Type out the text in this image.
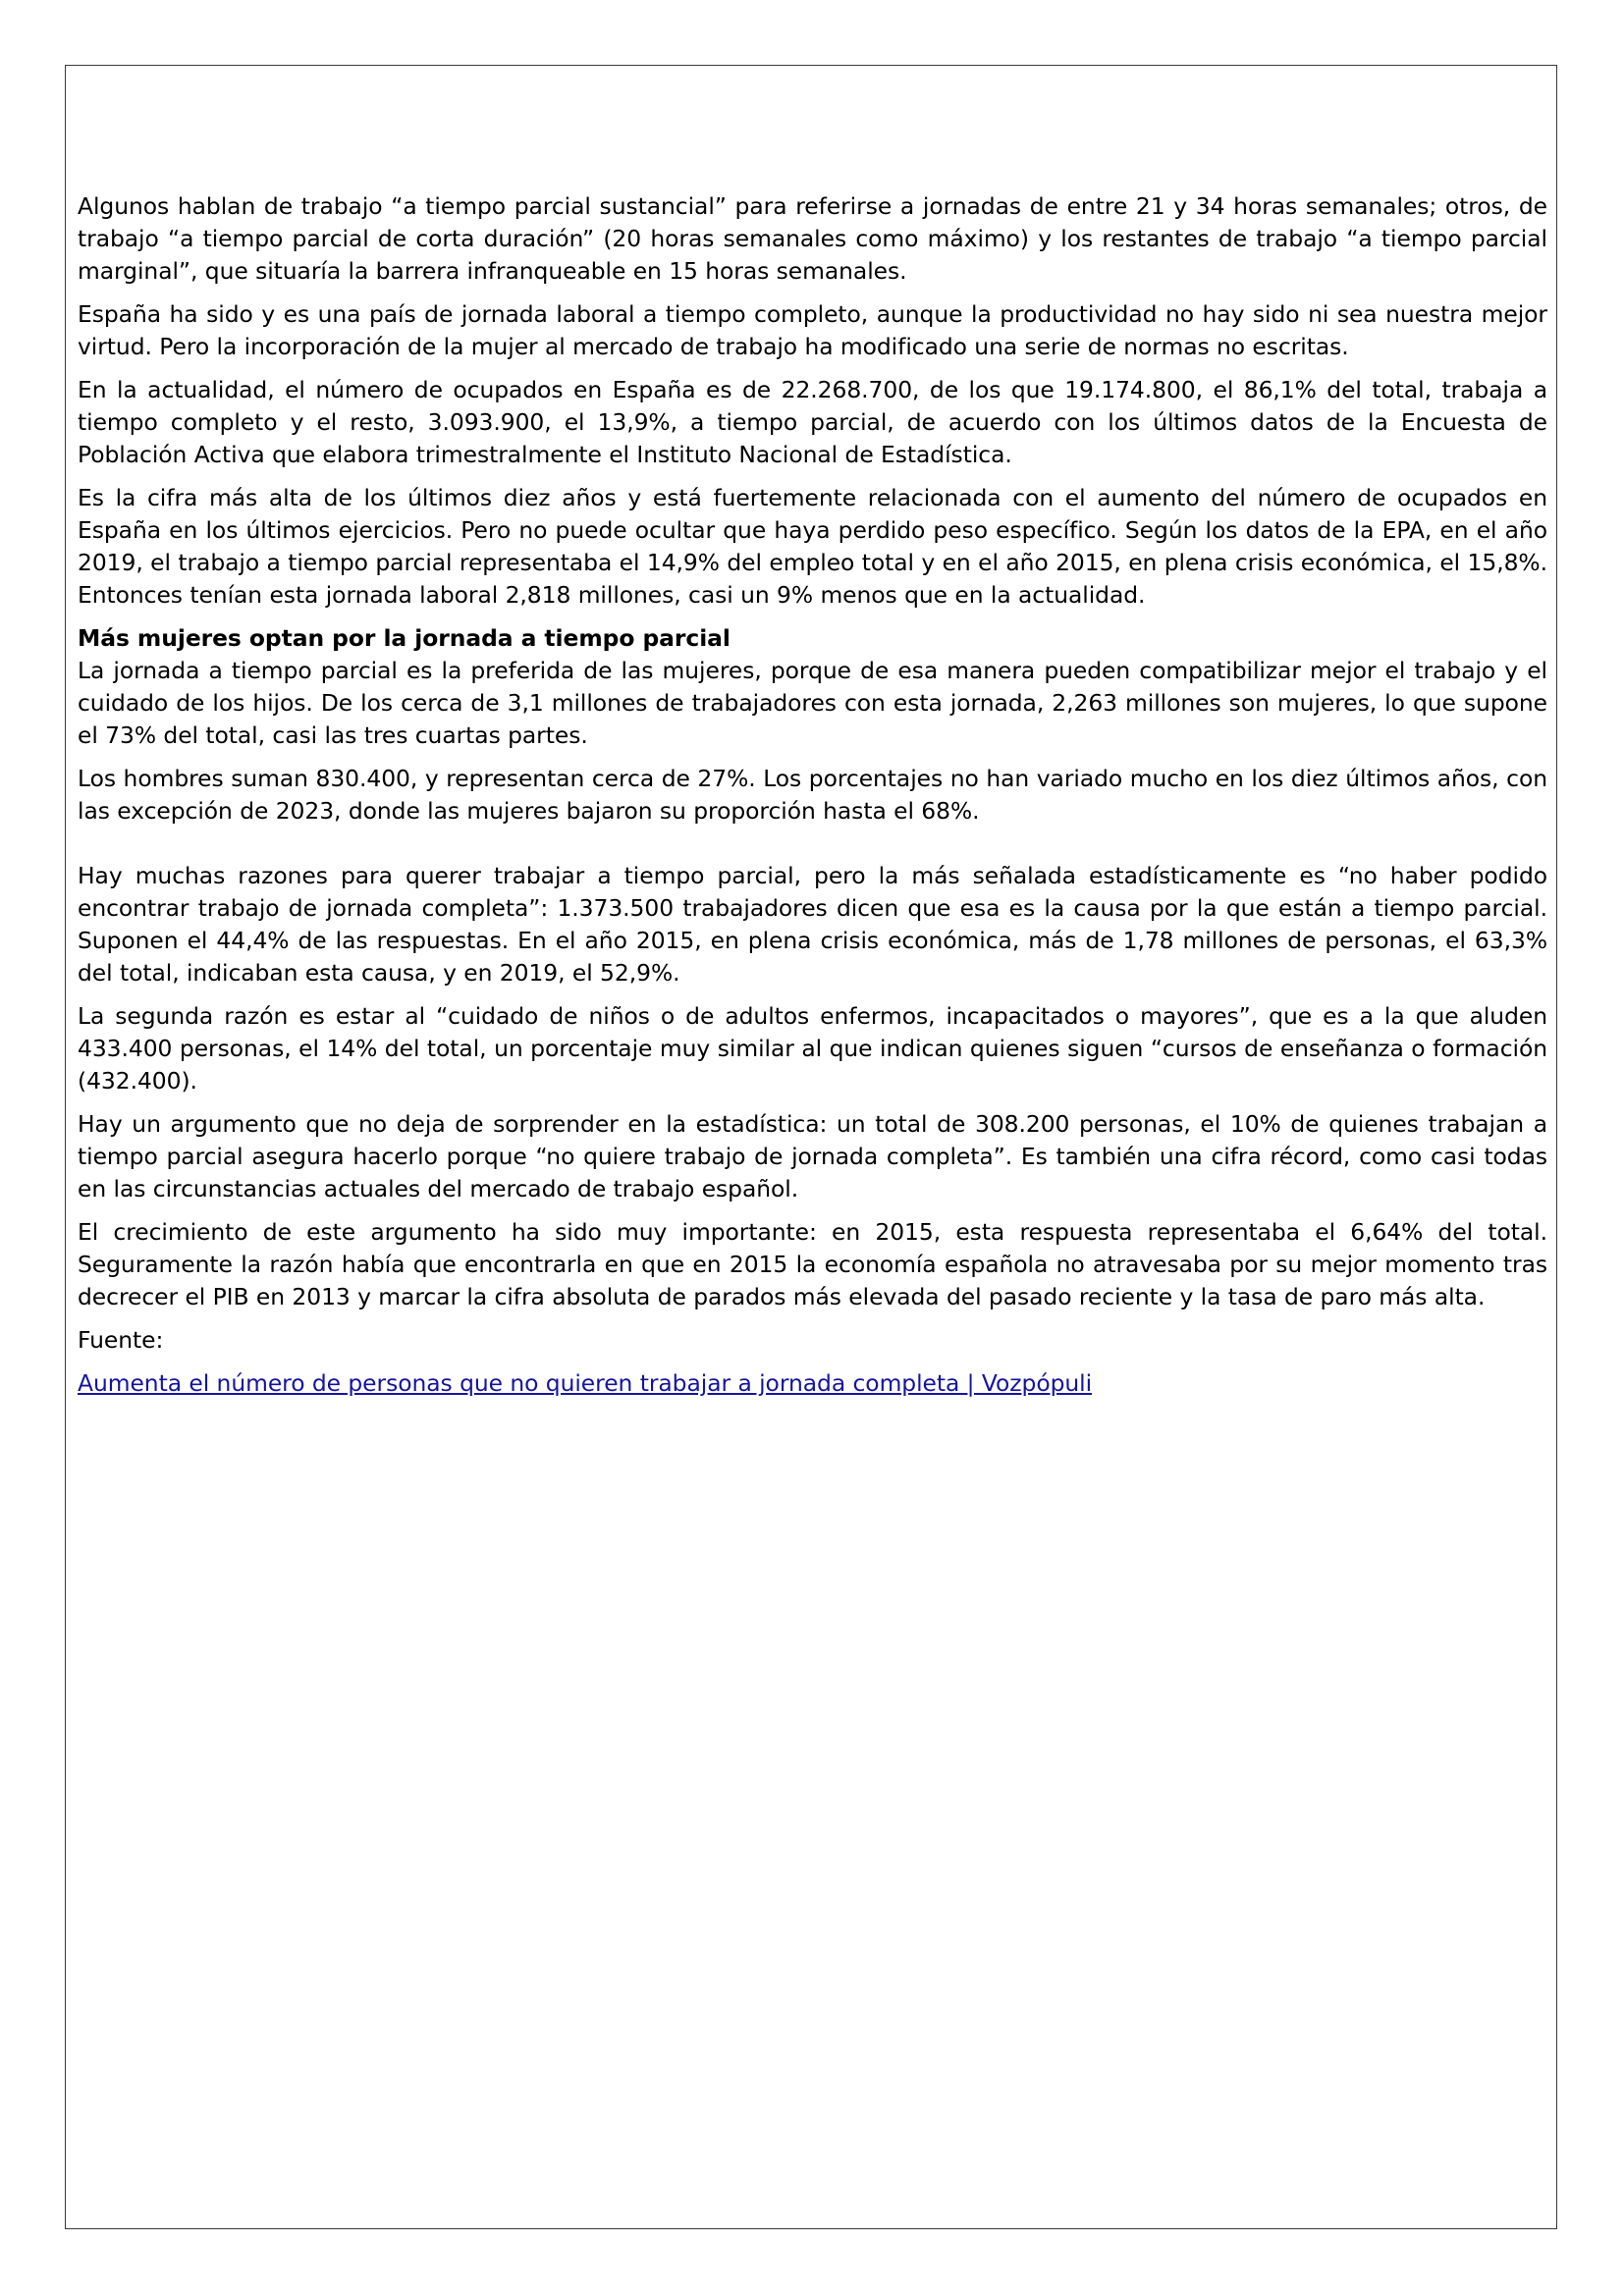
Algunos hablan de trabajo “a tiempo parcial sustancial” para referirse a jornadas de entre 21 y 34 horas semanales; otros, de trabajo “a tiempo parcial de corta duración” (20 horas semanales como máximo) y los restantes de trabajo “a tiempo parcial marginal”, que situaría la barrera infranqueable en 15 horas semanales.

España ha sido y es una país de jornada laboral a tiempo completo, aunque la productividad no hay sido ni sea nuestra mejor virtud. Pero la incorporación de la mujer al mercado de trabajo ha modificado una serie de normas no escritas.

En la actualidad, el número de ocupados en España es de 22.268.700, de los que 19.174.800, el 86,1% del total, trabaja a tiempo completo y el resto, 3.093.900, el 13,9%, a tiempo parcial, de acuerdo con los últimos datos de la Encuesta de Población Activa que elabora trimestralmente el Instituto Nacional de Estadística.

Es la cifra más alta de los últimos diez años y está fuertemente relacionada con el aumento del número de ocupados en España en los últimos ejercicios. Pero no puede ocultar que haya perdido peso específico. Según los datos de la EPA, en el año 2019, el trabajo a tiempo parcial representaba el 14,9% del empleo total y en el año 2015, en plena crisis económica, el 15,8%. Entonces tenían esta jornada laboral 2,818 millones, casi un 9% menos que en la actualidad.

Más mujeres optan por la jornada a tiempo parcial

La jornada a tiempo parcial es la preferida de las mujeres, porque de esa manera pueden compatibilizar mejor el trabajo y el cuidado de los hijos. De los cerca de 3,1 millones de trabajadores con esta jornada, 2,263 millones son mujeres, lo que supone el 73% del total, casi las tres cuartas partes.

Los hombres suman 830.400, y representan cerca de 27%. Los porcentajes no han variado mucho en los diez últimos años, con las excepción de 2023, donde las mujeres bajaron su proporción hasta el 68%.

Hay muchas razones para querer trabajar a tiempo parcial, pero la más señalada estadísticamente es “no haber podido encontrar trabajo de jornada completa”: 1.373.500 trabajadores dicen que esa es la causa por la que están a tiempo parcial. Suponen el 44,4% de las respuestas. En el año 2015, en plena crisis económica, más de 1,78 millones de personas, el 63,3% del total, indicaban esta causa, y en 2019, el 52,9%.

La segunda razón es estar al “cuidado de niños o de adultos enfermos, incapacitados o mayores”, que es a la que aluden 433.400 personas, el 14% del total, un porcentaje muy similar al que indican quienes siguen “cursos de enseñanza o formación (432.400).

Hay un argumento que no deja de sorprender en la estadística: un total de 308.200 personas, el 10% de quienes trabajan a tiempo parcial asegura hacerlo porque “no quiere trabajo de jornada completa”. Es también una cifra récord, como casi todas en las circunstancias actuales del mercado de trabajo español.

El crecimiento de este argumento ha sido muy importante: en 2015, esta respuesta representaba el 6,64% del total. Seguramente la razón había que encontrarla en que en 2015 la economía española no atravesaba por su mejor momento tras decrecer el PIB en 2013 y marcar la cifra absoluta de parados más elevada del pasado reciente y la tasa de paro más alta.

Fuente:

Aumenta el número de personas que no quieren trabajar a jornada completa | Vozpópuli
